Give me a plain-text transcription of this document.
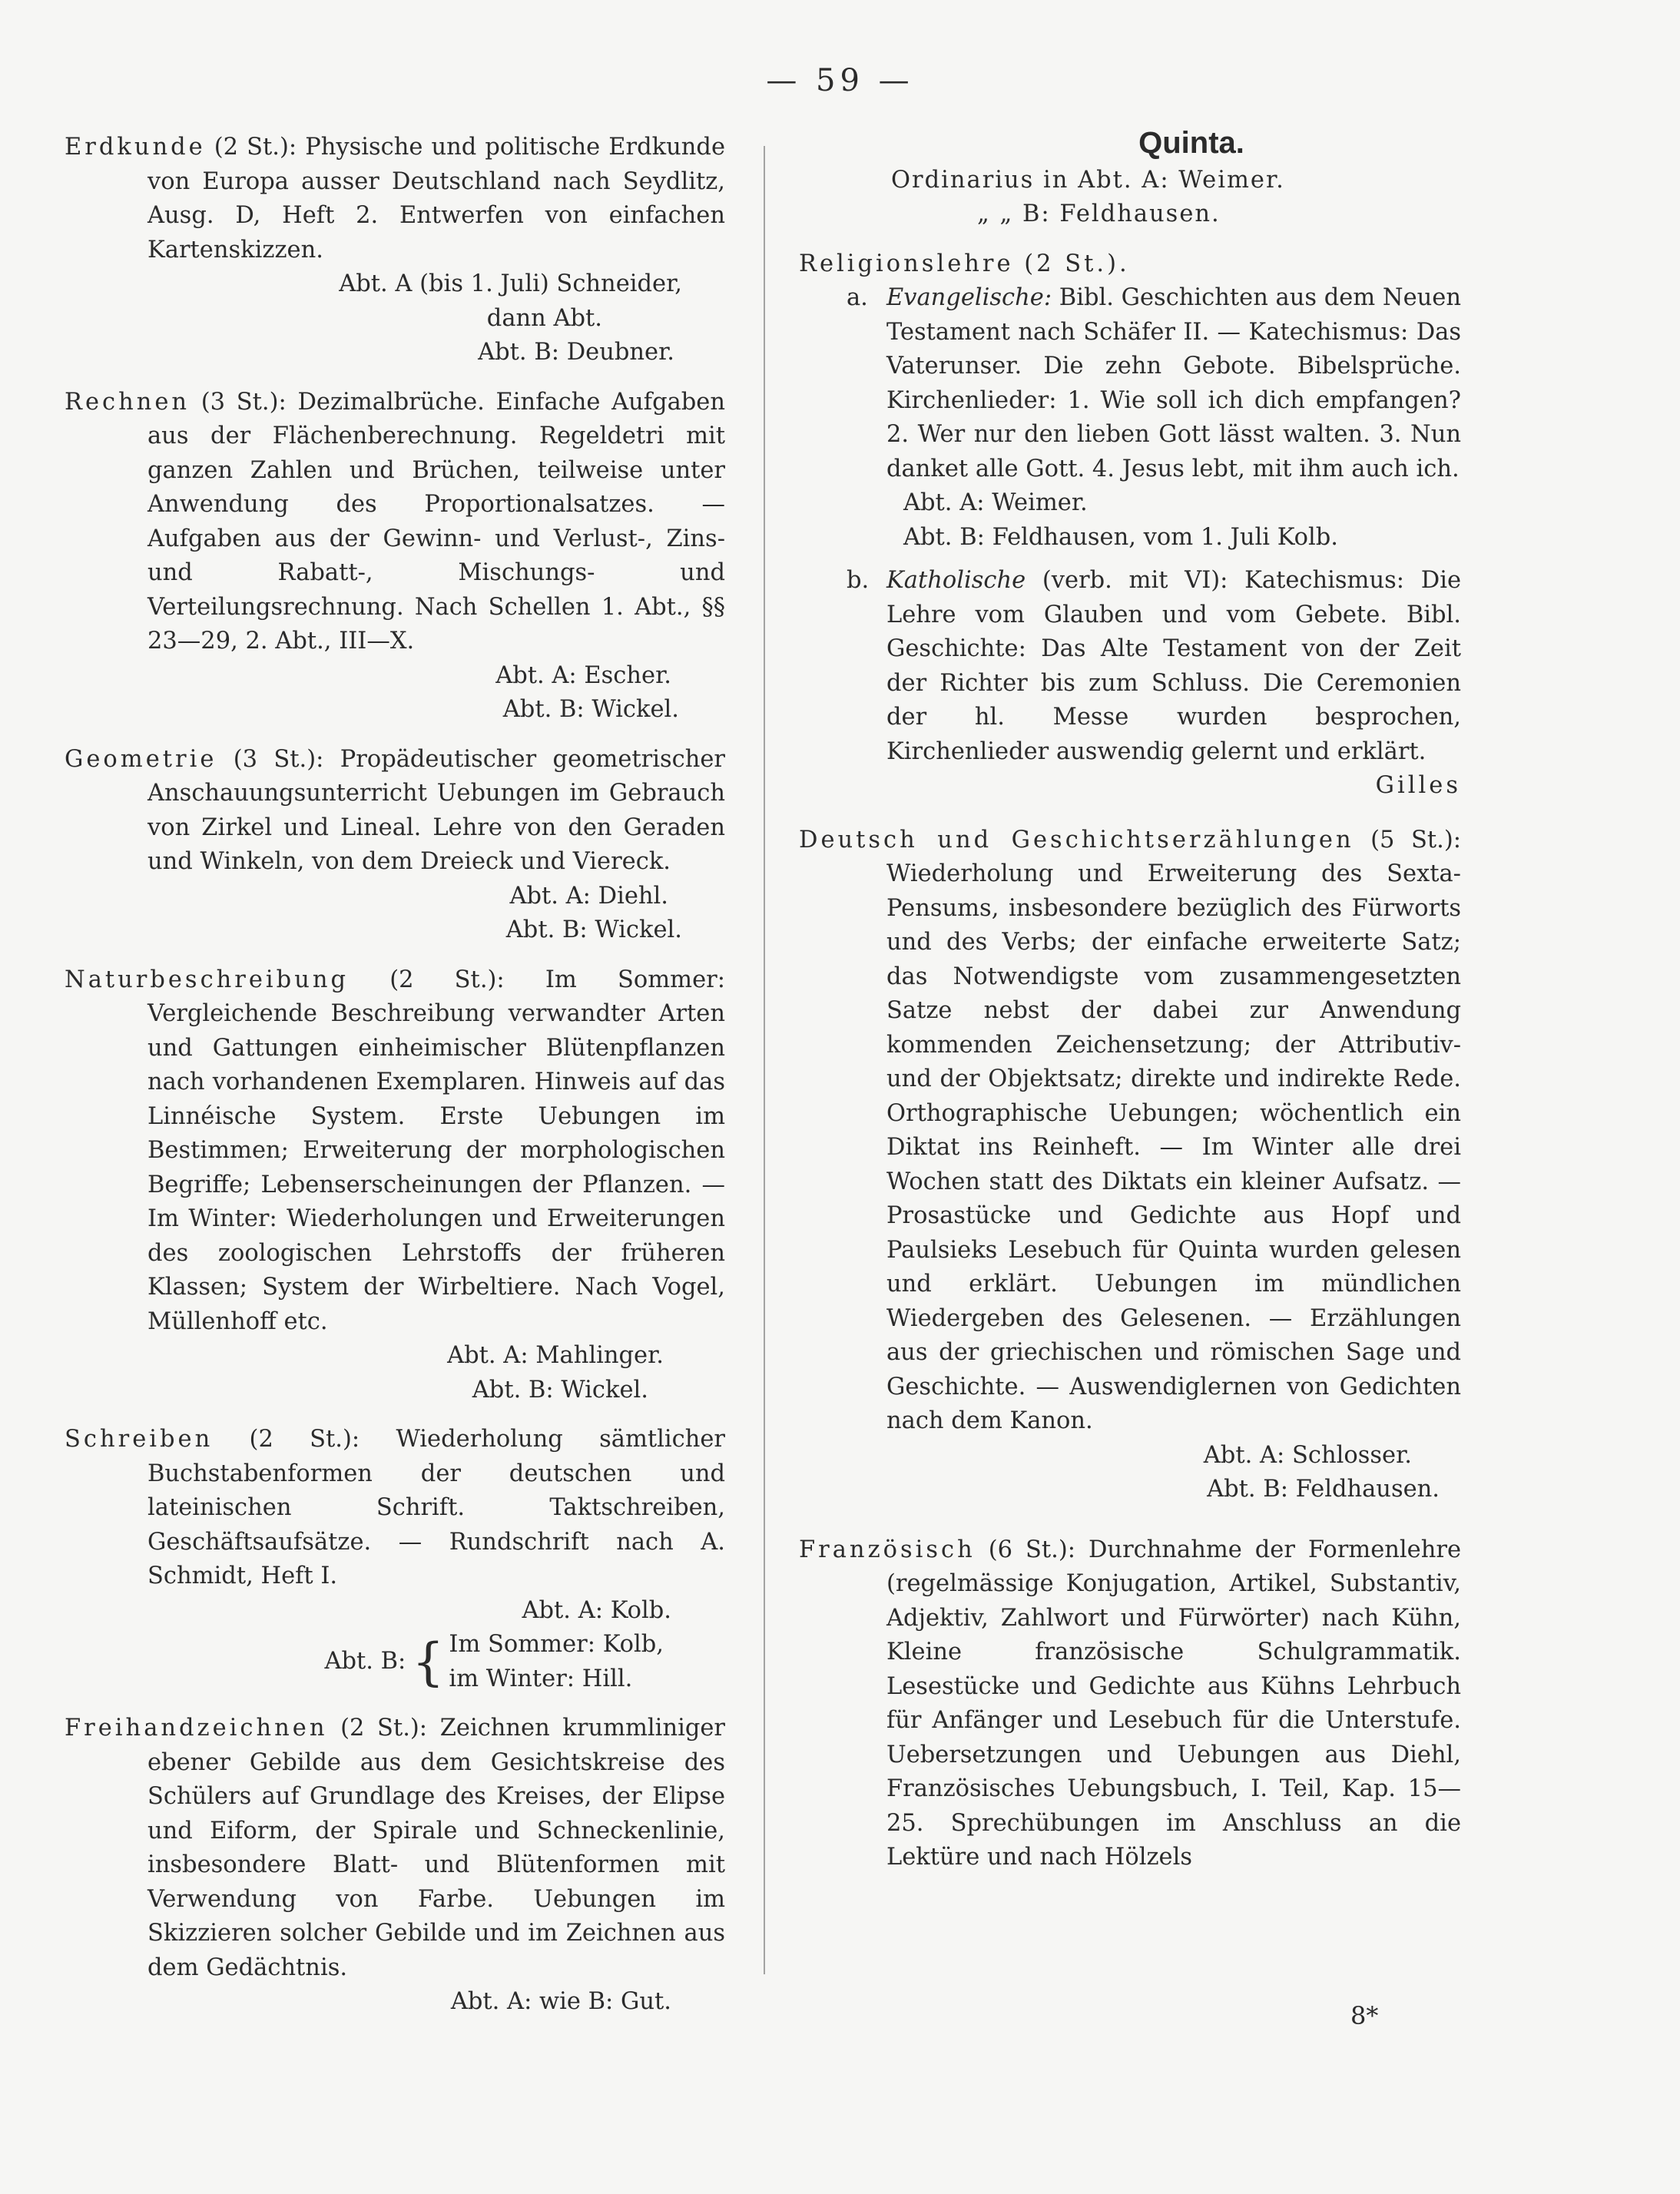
— 59 —

Erdkunde (2 St.): Physische und politische Erdkunde von Europa ausser Deutschland nach Seydlitz, Ausg. D, Heft 2. Entwerfen von einfachen Kartenskizzen.

Abt. A (bis 1. Juli) Schneider,
dann Abt.
Abt. B: Deubner.

Rechnen (3 St.): Dezimalbrüche. Einfache Aufgaben aus der Flächenberechnung. Regeldetri mit ganzen Zahlen und Brüchen, teilweise unter Anwendung des Proportionalsatzes. — Aufgaben aus der Gewinn- und Verlust-, Zins- und Rabatt-, Mischungs- und Verteilungsrechnung. Nach Schellen 1. Abt., §§ 23—29, 2. Abt., III—X.

Abt. A: Escher.
Abt. B: Wickel.

Geometrie (3 St.): Propädeutischer geometrischer Anschauungsunterricht Uebungen im Gebrauch von Zirkel und Lineal. Lehre von den Geraden und Winkeln, von dem Dreieck und Viereck.

Abt. A: Diehl.
Abt. B: Wickel.

Naturbeschreibung (2 St.): Im Sommer: Vergleichende Beschreibung verwandter Arten und Gattungen einheimischer Blütenpflanzen nach vorhandenen Exemplaren. Hinweis auf das Linnéische System. Erste Uebungen im Bestimmen; Erweiterung der morphologischen Begriffe; Lebenserscheinungen der Pflanzen. — Im Winter: Wiederholungen und Erweiterungen des zoologischen Lehrstoffs der früheren Klassen; System der Wirbeltiere. Nach Vogel, Müllenhoff etc.

Abt. A: Mahlinger.
Abt. B: Wickel.

Schreiben (2 St.): Wiederholung sämtlicher Buchstabenformen der deutschen und lateinischen Schrift. Taktschreiben, Geschäftsaufsätze. — Rundschrift nach A. Schmidt, Heft I.

Abt. A: Kolb.
Abt. B: { Im Sommer: Kolb,
im Winter: Hill.

Freihandzeichnen (2 St.): Zeichnen krummliniger ebener Gebilde aus dem Gesichtskreise des Schülers auf Grundlage des Kreises, der Elipse und Eiform, der Spirale und Schneckenlinie, insbesondere Blatt- und Blütenformen mit Verwendung von Farbe. Uebungen im Skizzieren solcher Gebilde und im Zeichnen aus dem Gedächtnis.

Abt. A: wie B: Gut.
Quinta.
Ordinarius in Abt. A: Weimer.
„ „ B: Feldhausen.
Religionslehre (2 St.).
a. Evangelische: Bibl. Geschichten aus dem Neuen Testament nach Schäfer II. — Katechismus: Das Vaterunser. Die zehn Gebote. Bibelsprüche. Kirchenlieder: 1. Wie soll ich dich empfangen? 2. Wer nur den lieben Gott lässt walten. 3. Nun danket alle Gott. 4. Jesus lebt, mit ihm auch ich.
Abt. A: Weimer.
Abt. B: Feldhausen, vom 1. Juli Kolb.
b. Katholische (verb. mit VI): Katechismus: Die Lehre vom Glauben und vom Gebete. Bibl. Geschichte: Das Alte Testament von der Zeit der Richter bis zum Schluss. Die Ceremonien der hl. Messe wurden besprochen, Kirchenlieder auswendig gelernt und erklärt.
Gilles

Deutsch und Geschichtserzählungen (5 St.): Wiederholung und Erweiterung des Sexta-Pensums, insbesondere bezüglich des Fürworts und des Verbs; der einfache erweiterte Satz; das Notwendigste vom zusammengesetzten Satze nebst der dabei zur Anwendung kommenden Zeichensetzung; der Attributiv- und der Objektsatz; direkte und indirekte Rede. Orthographische Uebungen; wöchentlich ein Diktat ins Reinheft. — Im Winter alle drei Wochen statt des Diktats ein kleiner Aufsatz. — Prosastücke und Gedichte aus Hopf und Paulsieks Lesebuch für Quinta wurden gelesen und erklärt. Uebungen im mündlichen Wiedergeben des Gelesenen. — Erzählungen aus der griechischen und römischen Sage und Geschichte. — Auswendiglernen von Gedichten nach dem Kanon.

Abt. A: Schlosser.
Abt. B: Feldhausen.

Französisch (6 St.): Durchnahme der Formenlehre (regelmässige Konjugation, Artikel, Substantiv, Adjektiv, Zahlwort und Fürwörter) nach Kühn, Kleine französische Schulgrammatik. Lesestücke und Gedichte aus Kühns Lehrbuch für Anfänger und Lesebuch für die Unterstufe. Uebersetzungen und Uebungen aus Diehl, Französisches Uebungsbuch, I. Teil, Kap. 15—25. Sprechübungen im Anschluss an die Lektüre und nach Hölzels

8*
